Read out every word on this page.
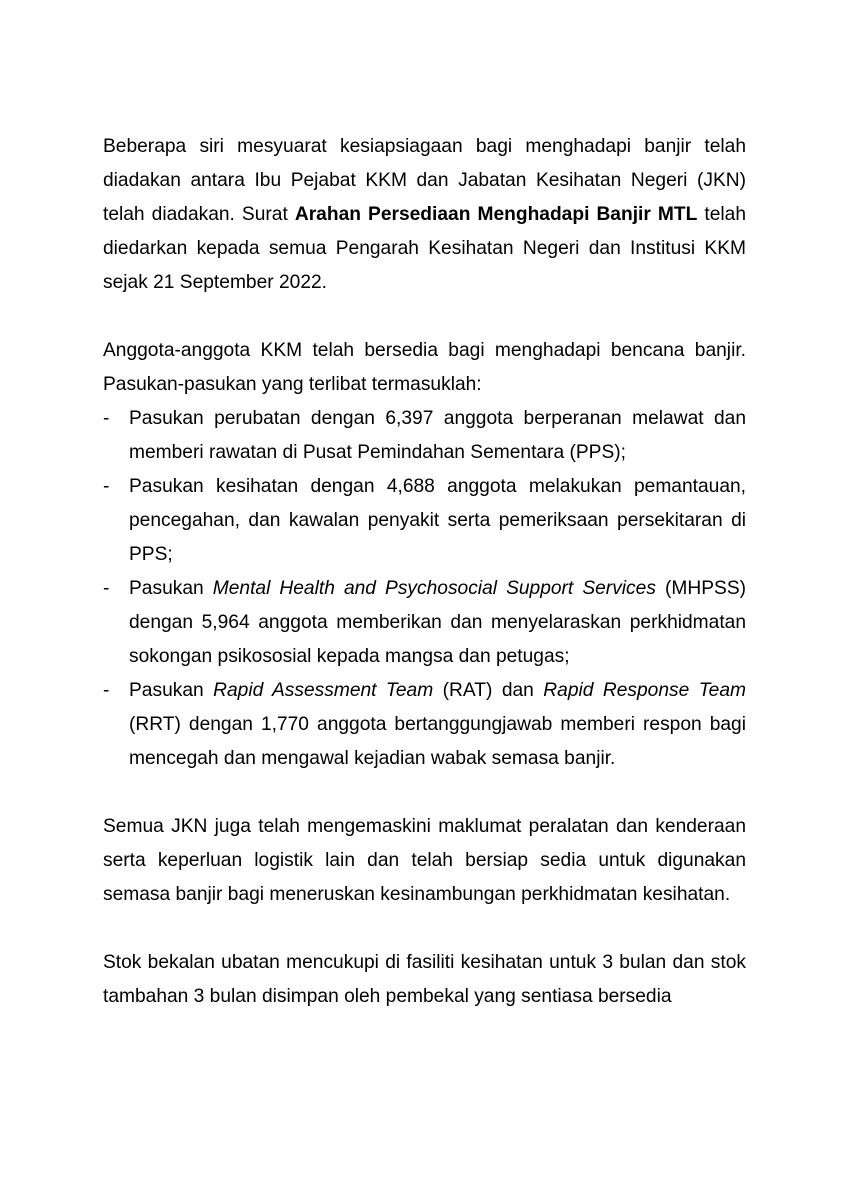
Beberapa siri mesyuarat kesiapsiagaan bagi menghadapi banjir telah diadakan antara Ibu Pejabat KKM dan Jabatan Kesihatan Negeri (JKN) telah diadakan. Surat Arahan Persediaan Menghadapi Banjir MTL telah diedarkan kepada semua Pengarah Kesihatan Negeri dan Institusi KKM sejak 21 September 2022.

Anggota-anggota KKM telah bersedia bagi menghadapi bencana banjir. Pasukan-pasukan yang terlibat termasuklah:

- Pasukan perubatan dengan 6,397 anggota berperanan melawat dan memberi rawatan di Pusat Pemindahan Sementara (PPS);
- Pasukan kesihatan dengan 4,688 anggota melakukan pemantauan, pencegahan, dan kawalan penyakit serta pemeriksaan persekitaran di PPS;
- Pasukan Mental Health and Psychosocial Support Services (MHPSS) dengan 5,964 anggota memberikan dan menyelaraskan perkhidmatan sokongan psikososial kepada mangsa dan petugas;
- Pasukan Rapid Assessment Team (RAT) dan Rapid Response Team (RRT) dengan 1,770 anggota bertanggungjawab memberi respon bagi mencegah dan mengawal kejadian wabak semasa banjir.

Semua JKN juga telah mengemaskini maklumat peralatan dan kenderaan serta keperluan logistik lain dan telah bersiap sedia untuk digunakan semasa banjir bagi meneruskan kesinambungan perkhidmatan kesihatan.

Stok bekalan ubatan mencukupi di fasiliti kesihatan untuk 3 bulan dan stok tambahan 3 bulan disimpan oleh pembekal yang sentiasa bersedia
